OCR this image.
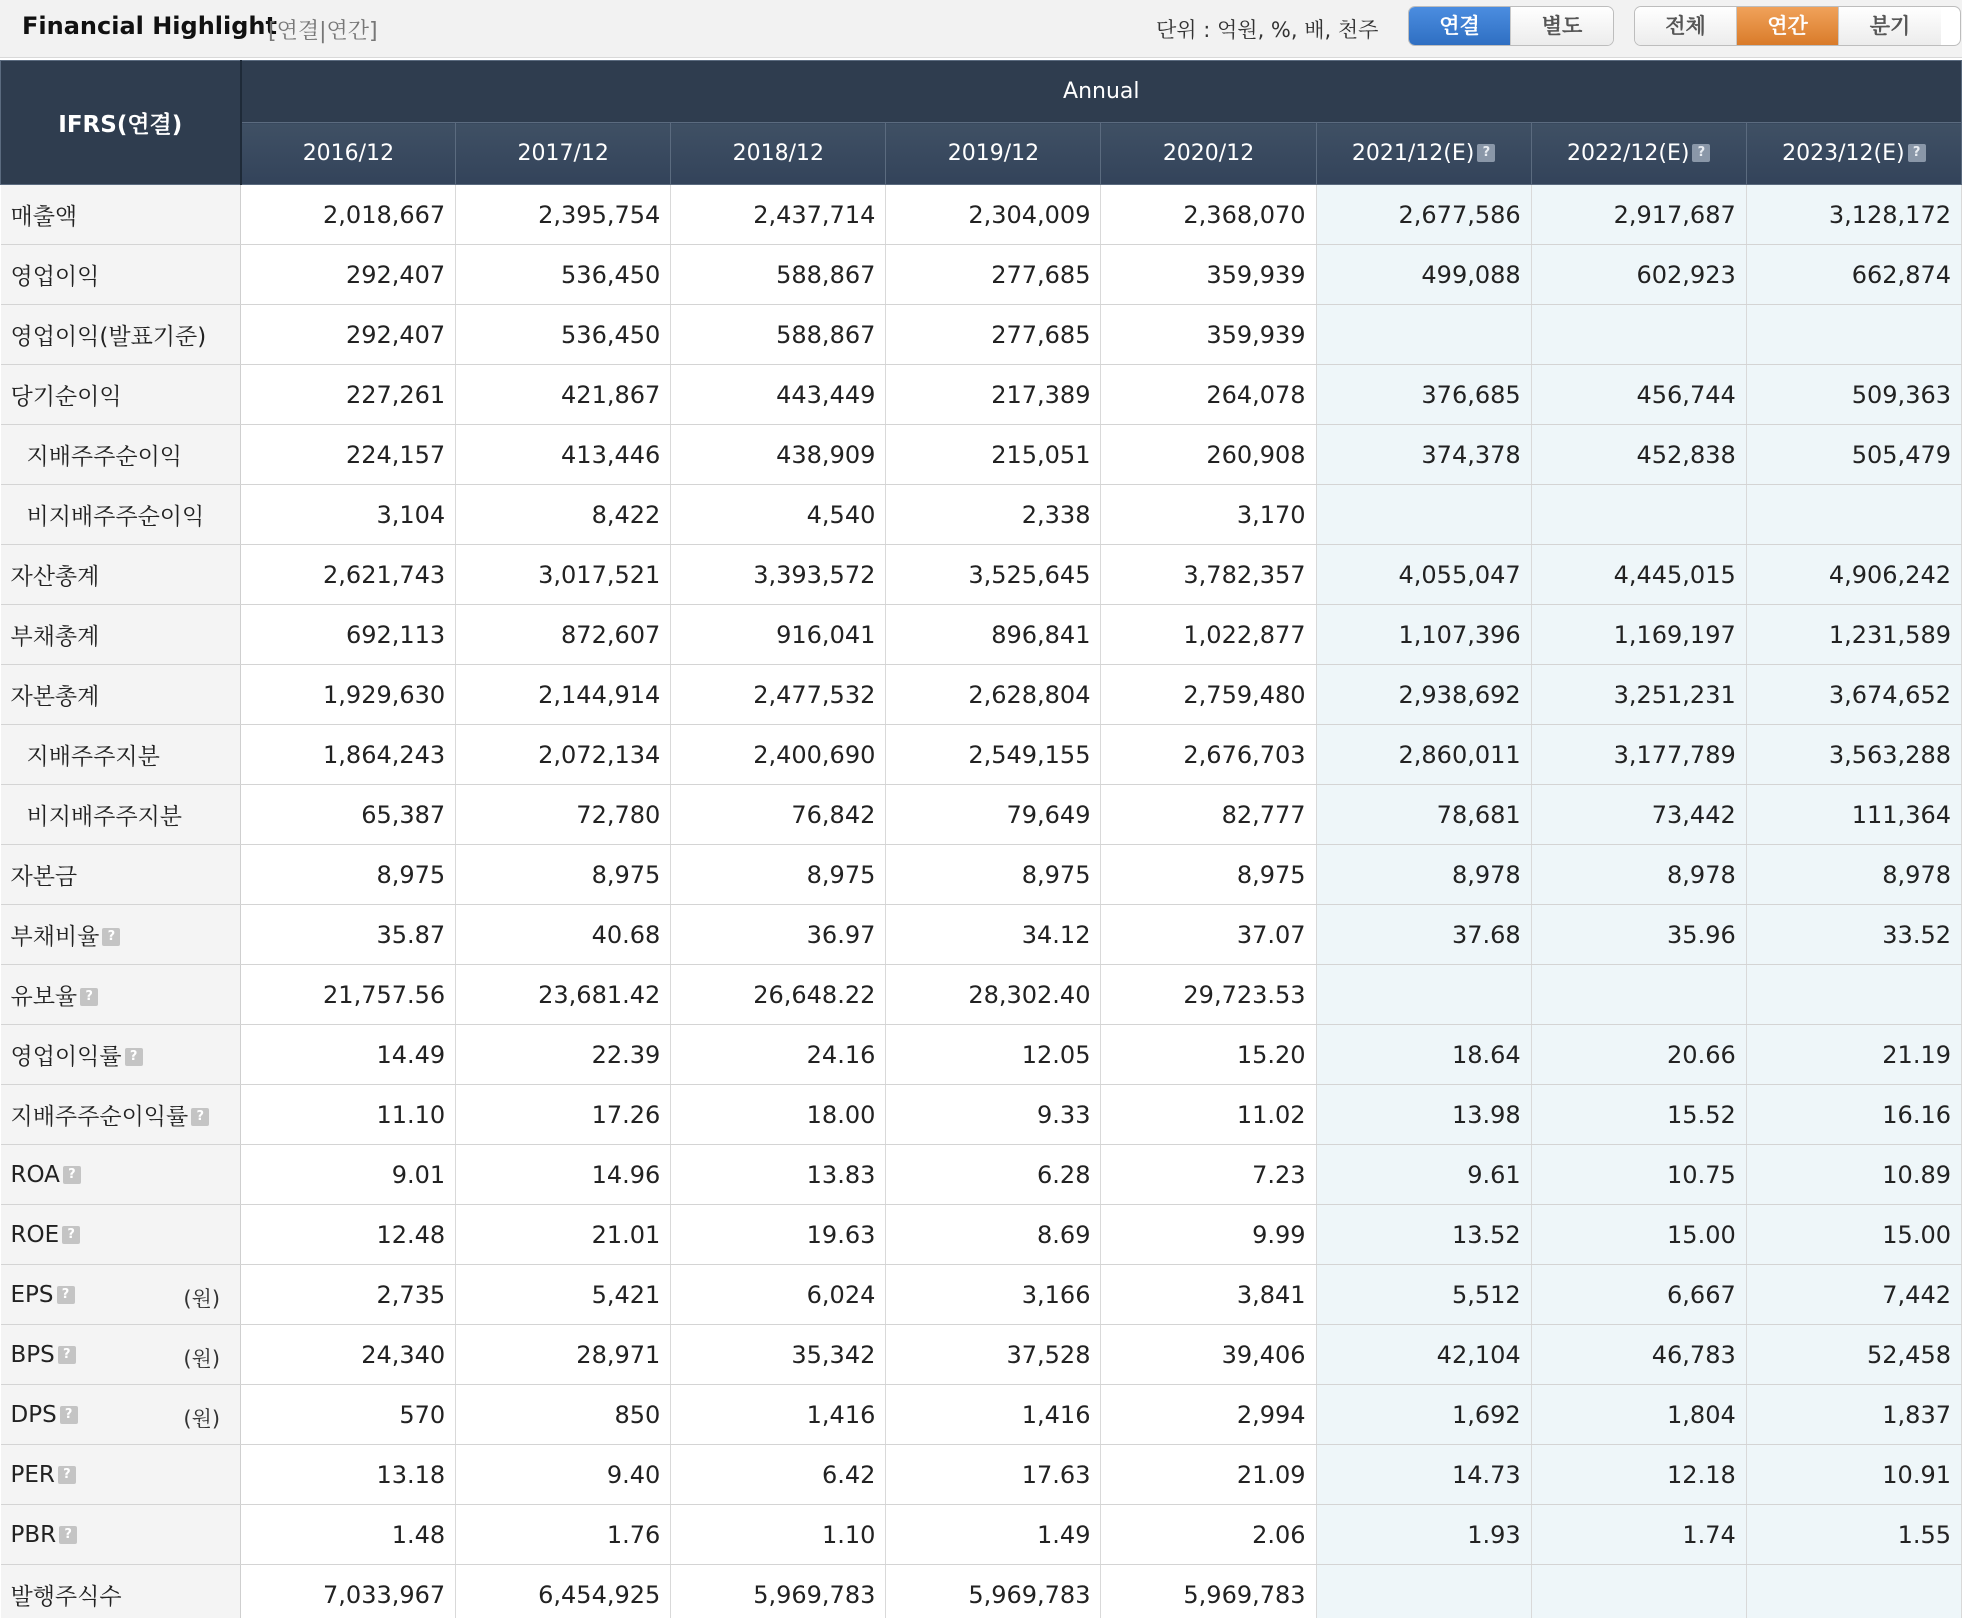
Financial Highlight
[연결|연간]	단위 : 억원, %, 배, 천주	연결	별도	전체	연간	분기
IFRS(연결)	Annual							
	2016/12	2017/12	2018/12	2019/12	2020/12	2021/12(E) ?	2022/12(E) ?	2023/12(E) ?
매출액	2,018,667	2,395,754	2,437,714	2,304,009	2,368,070	2,677,586	2,917,687	3,128,172
영업이익	292,407	536,450	588,867	277,685	359,939	499,088	602,923	662,874
영업이익(발표기준)	292,407	536,450	588,867	277,685	359,939			
당기순이익	227,261	421,867	443,449	217,389	264,078	376,685	456,744	509,363
지배주주순이익	224,157	413,446	438,909	215,051	260,908	374,378	452,838	505,479
비지배주주순이익	3,104	8,422	4,540	2,338	3,170			
자산총계	2,621,743	3,017,521	3,393,572	3,525,645	3,782,357	4,055,047	4,445,015	4,906,242
부채총계	692,113	872,607	916,041	896,841	1,022,877	1,107,396	1,169,197	1,231,589
자본총계	1,929,630	2,144,914	2,477,532	2,628,804	2,759,480	2,938,692	3,251,231	3,674,652
지배주주지분	1,864,243	2,072,134	2,400,690	2,549,155	2,676,703	2,860,011	3,177,789	3,563,288
비지배주주지분	65,387	72,780	76,842	79,649	82,777	78,681	73,442	111,364
자본금	8,975	8,975	8,975	8,975	8,975	8,978	8,978	8,978
부채비율 ?	35.87	40.68	36.97	34.12	37.07	37.68	35.96	33.52
유보율 ?	21,757.56	23,681.42	26,648.22	28,302.40	29,723.53			
영업이익률 ?	14.49	22.39	24.16	12.05	15.20	18.64	20.66	21.19
지배주주순이익률 ?	11.10	17.26	18.00	9.33	11.02	13.98	15.52	16.16
ROA ?	9.01	14.96	13.83	6.28	7.23	9.61	10.75	10.89
ROE ?	12.48	21.01	19.63	8.69	9.99	13.52	15.00	15.00
EPS ? (원)	2,735	5,421	6,024	3,166	3,841	5,512	6,667	7,442
BPS ? (원)	24,340	28,971	35,342	37,528	39,406	42,104	46,783	52,458
DPS ? (원)	570	850	1,416	1,416	2,994	1,692	1,804	1,837
PER ?	13.18	9.40	6.42	17.63	21.09	14.73	12.18	10.91
PBR ?	1.48	1.76	1.10	1.49	2.06	1.93	1.74	1.55
발행주식수	7,033,967	6,454,925	5,969,783	5,969,783	5,969,783			
